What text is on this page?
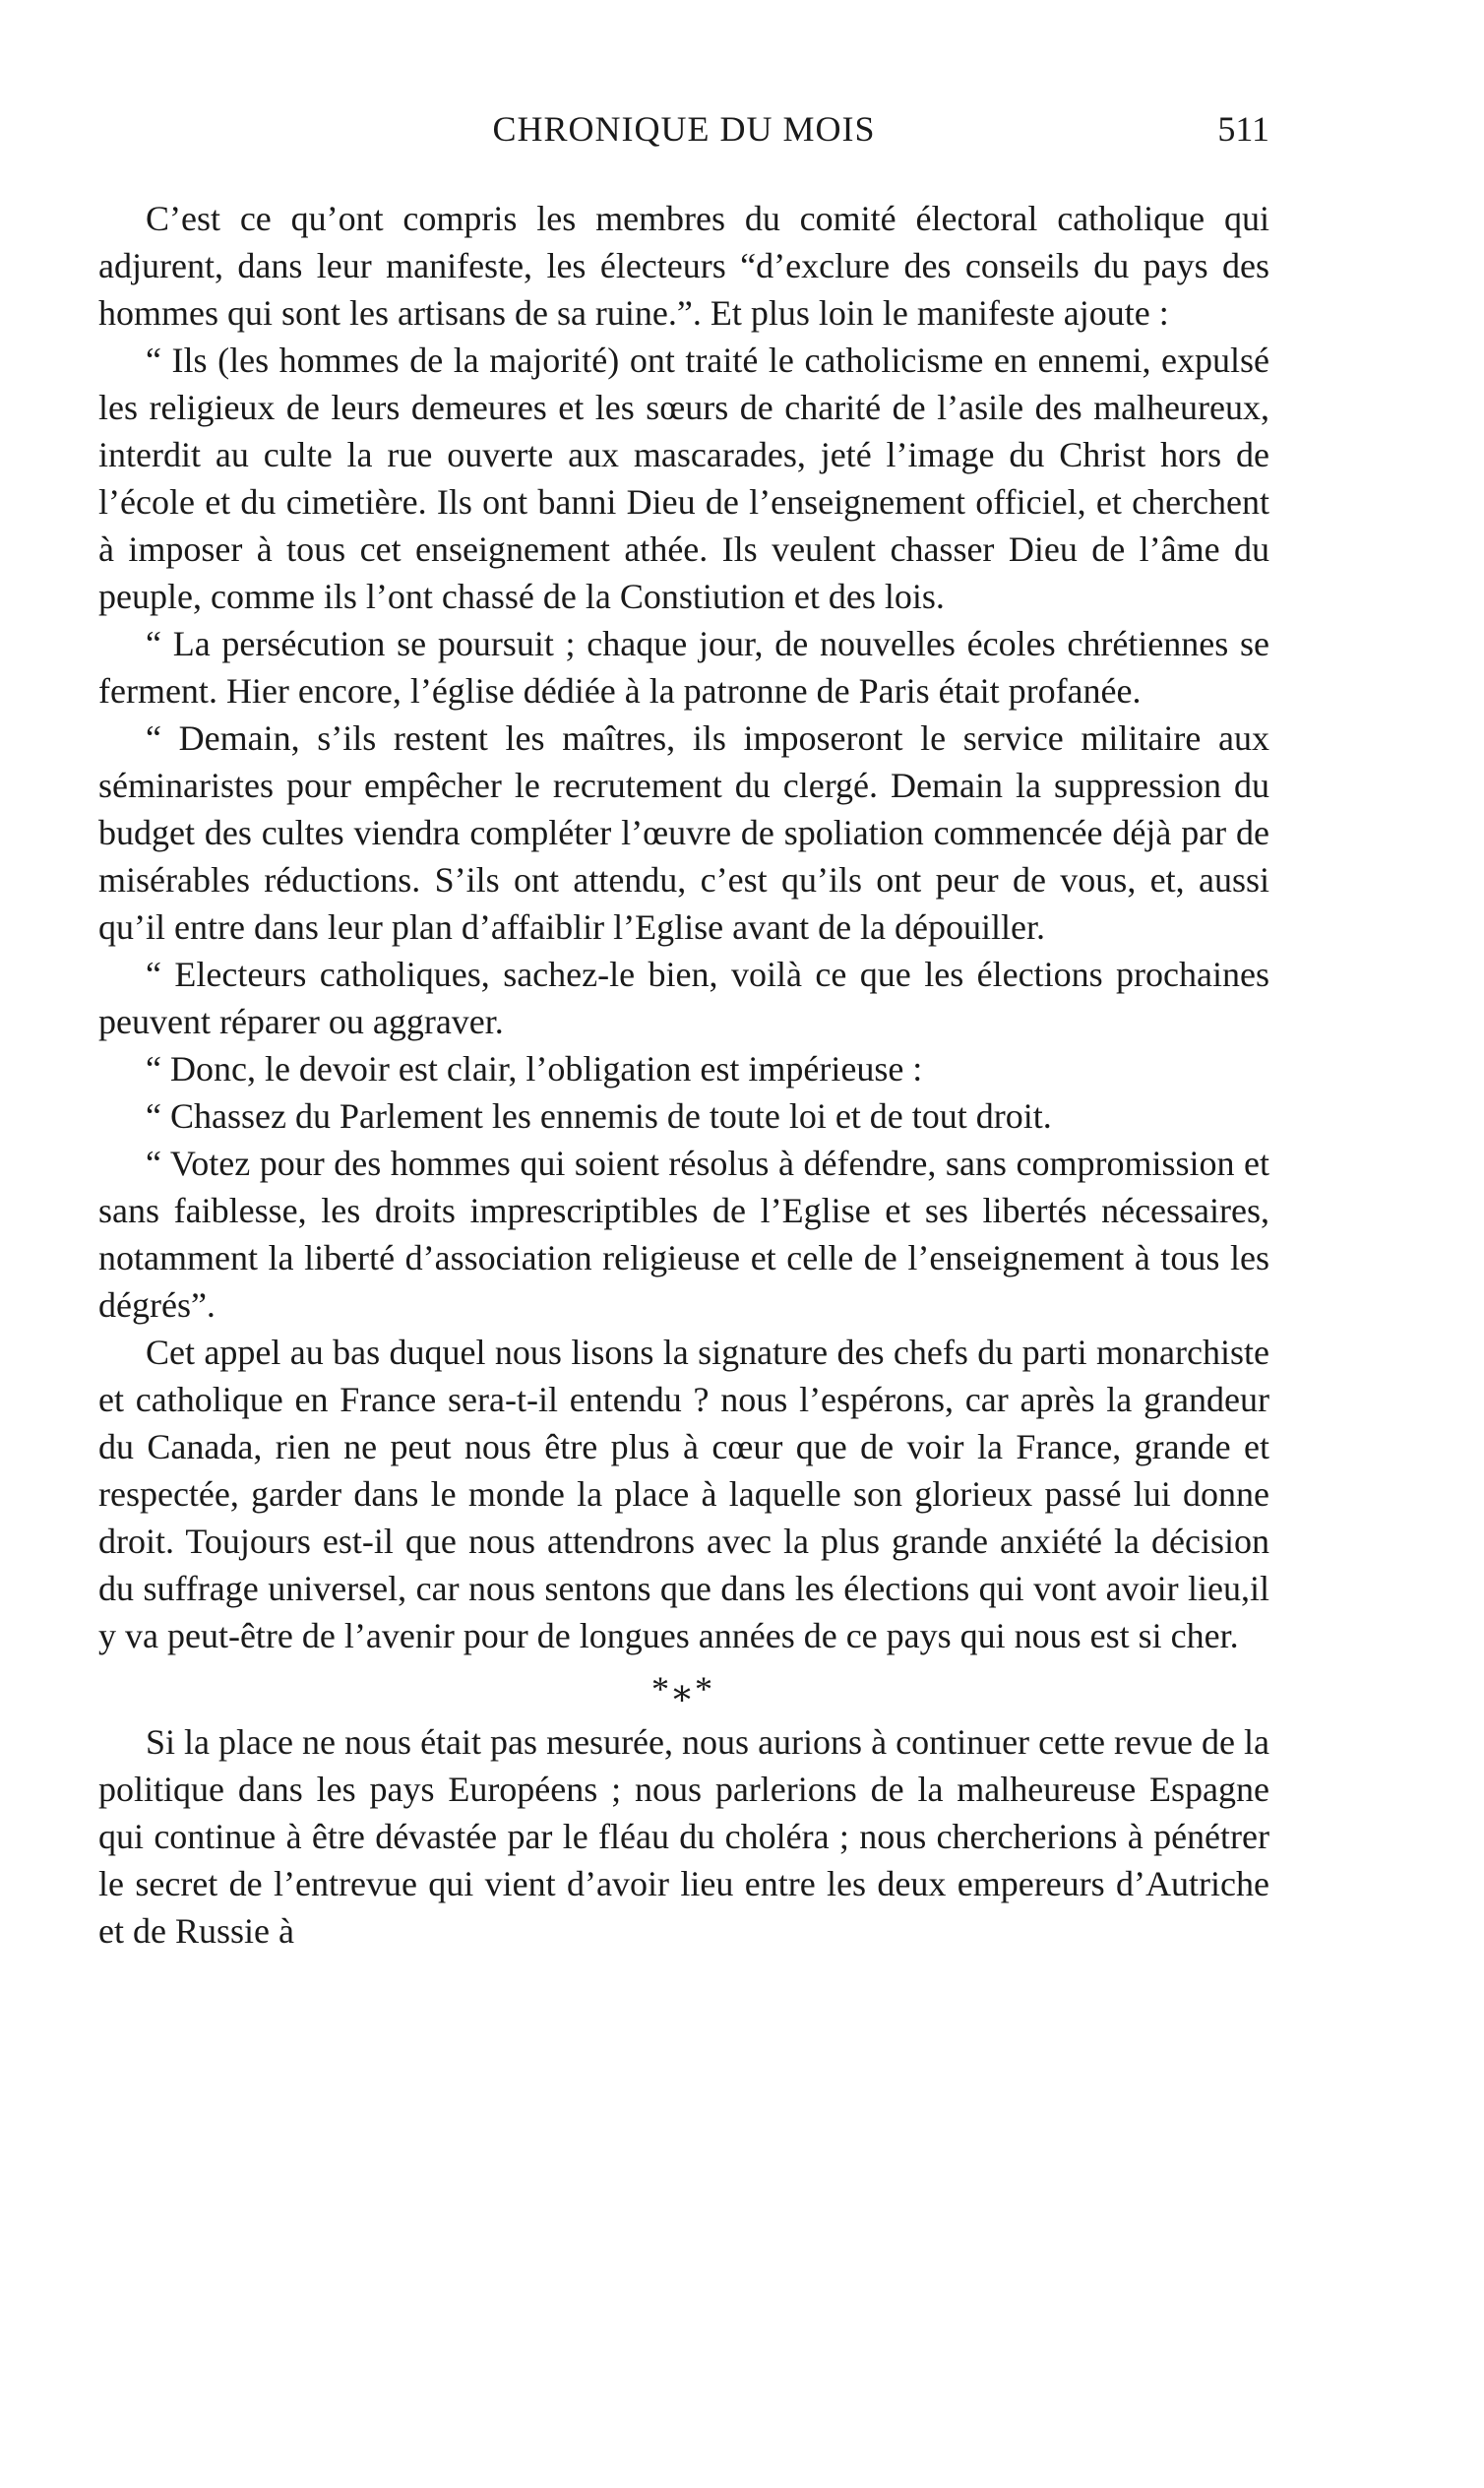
CHRONIQUE DU MOIS	511

C’est ce qu’ont compris les membres du comité électoral catholique qui adjurent, dans leur manifeste, les électeurs “d’exclure des conseils du pays des hommes qui sont les artisans de sa ruine.”. Et plus loin le manifeste ajoute :

“ Ils (les hommes de la majorité) ont traité le catholicisme en ennemi, expulsé les religieux de leurs demeures et les sœurs de charité de l’asile des malheureux, interdit au culte la rue ouverte aux mascarades, jeté l’image du Christ hors de l’école et du cimetière. Ils ont banni Dieu de l’enseignement officiel, et cherchent à imposer à tous cet enseignement athée. Ils veulent chasser Dieu de l’âme du peuple, comme ils l’ont chassé de la Constiution et des lois.

“ La persécution se poursuit ; chaque jour, de nouvelles écoles chrétiennes se ferment. Hier encore, l’église dédiée à la patronne de Paris était profanée.

“ Demain, s’ils restent les maîtres, ils imposeront le service militaire aux séminaristes pour empêcher le recrutement du clergé. Demain la suppression du budget des cultes viendra compléter l’œuvre de spoliation commencée déjà par de misérables réductions. S’ils ont attendu, c’est qu’ils ont peur de vous, et, aussi qu’il entre dans leur plan d’affaiblir l’Eglise avant de la dépouiller.

“ Electeurs catholiques, sachez-le bien, voilà ce que les élections prochaines peuvent réparer ou aggraver.

“ Donc, le devoir est clair, l’obligation est impérieuse :

“ Chassez du Parlement les ennemis de toute loi et de tout droit.

“ Votez pour des hommes qui soient résolus à défendre, sans compromission et sans faiblesse, les droits imprescriptibles de l’Eglise et ses libertés nécessaires, notamment la liberté d’association religieuse et celle de l’enseignement à tous les dégrés”.

Cet appel au bas duquel nous lisons la signature des chefs du parti monarchiste et catholique en France sera-t-il entendu ? nous l’espérons, car après la grandeur du Canada, rien ne peut nous être plus à cœur que de voir la France, grande et respectée, garder dans le monde la place à laquelle son glorieux passé lui donne droit. Toujours est-il que nous attendrons avec la plus grande anxiété la décision du suffrage universel, car nous sentons que dans les élections qui vont avoir lieu,il y va peut-être de l’avenir pour de longues années de ce pays qui nous est si cher.

*⁎*

Si la place ne nous était pas mesurée, nous aurions à continuer cette revue de la politique dans les pays Européens ; nous parlerions de la malheureuse Espagne qui continue à être dévastée par le fléau du choléra ; nous chercherions à pénétrer le secret de l’entrevue qui vient d’avoir lieu entre les deux empereurs d’Autriche et de Russie à
